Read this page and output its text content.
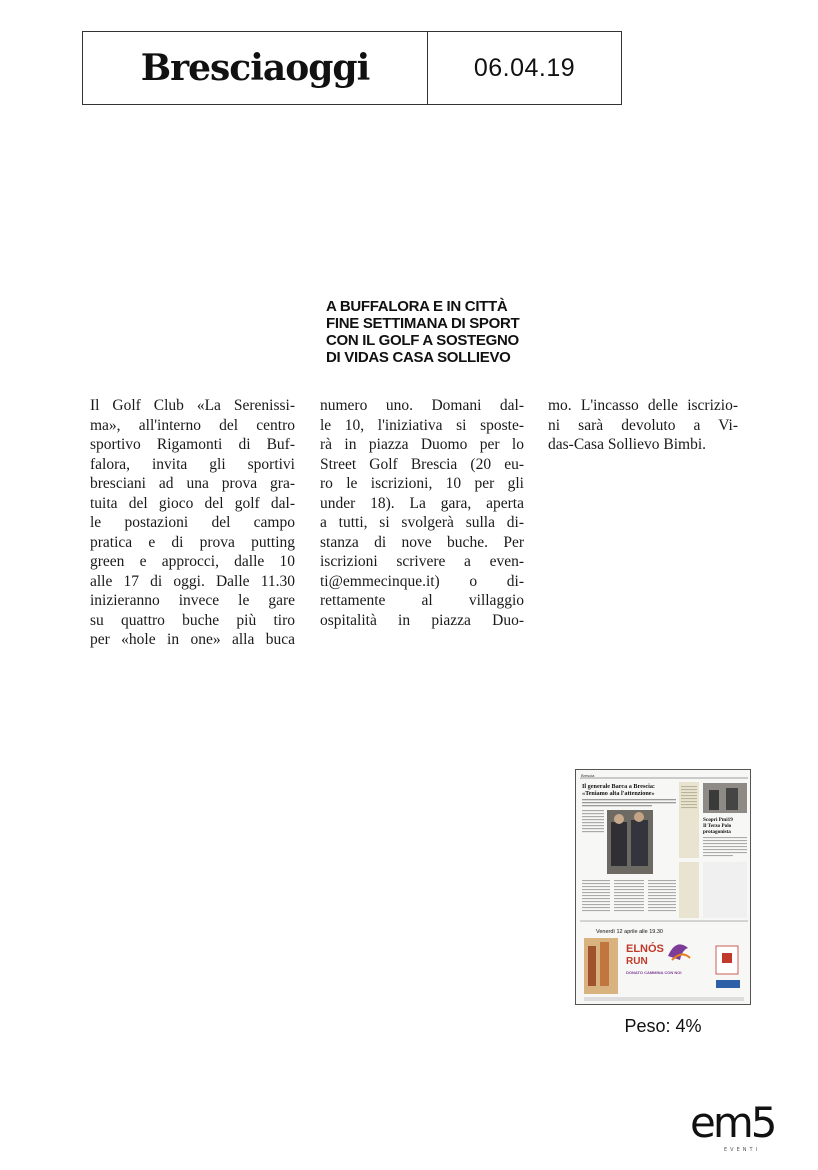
Bresciaoggi	06.04.19
A BUFFALORA E IN CITTÀ
FINE SETTIMANA DI SPORT
CON IL GOLF A SOSTEGNO
DI VIDAS CASA SOLLIEVO
Il Golf Club «La Serenissi-
ma», all'interno del centro
sportivo Rigamonti di Buf-
falora, invita gli sportivi
bresciani ad una prova gra-
tuita del gioco del golf dal-
le postazioni del campo
pratica e di prova putting
green e approcci, dalle 10
alle 17 di oggi. Dalle 11.30
inizieranno invece le gare
su quattro buche più tiro
per «hole in one» alla buca
numero uno. Domani dal-
le 10, l'iniziativa si sposte-
rà in piazza Duomo per lo
Street Golf Brescia (20 eu-
ro le iscrizioni, 10 per gli
under 18). La gara, aperta
a tutti, si svolgerà sulla di-
stanza di nove buche. Per
iscrizioni scrivere a even-
ti@emmecinque.it) o di-
rettamente al villaggio
ospitalità in piazza Duo-
mo. L'incasso delle iscrizio-
ni sarà devoluto a Vi-
das-Casa Sollievo Bimbi.
Brescia
Il generale Barca a Brescia:
«Teniamo alta l'attenzione»
Scopri Pmi19
Il Terzo Polo
protagonista
Venerdì 12 aprile alle 19.30
ELNÓS
RUN
DONATO CAMMINA CON NOI
Peso: 4%
em5
EVENTI
